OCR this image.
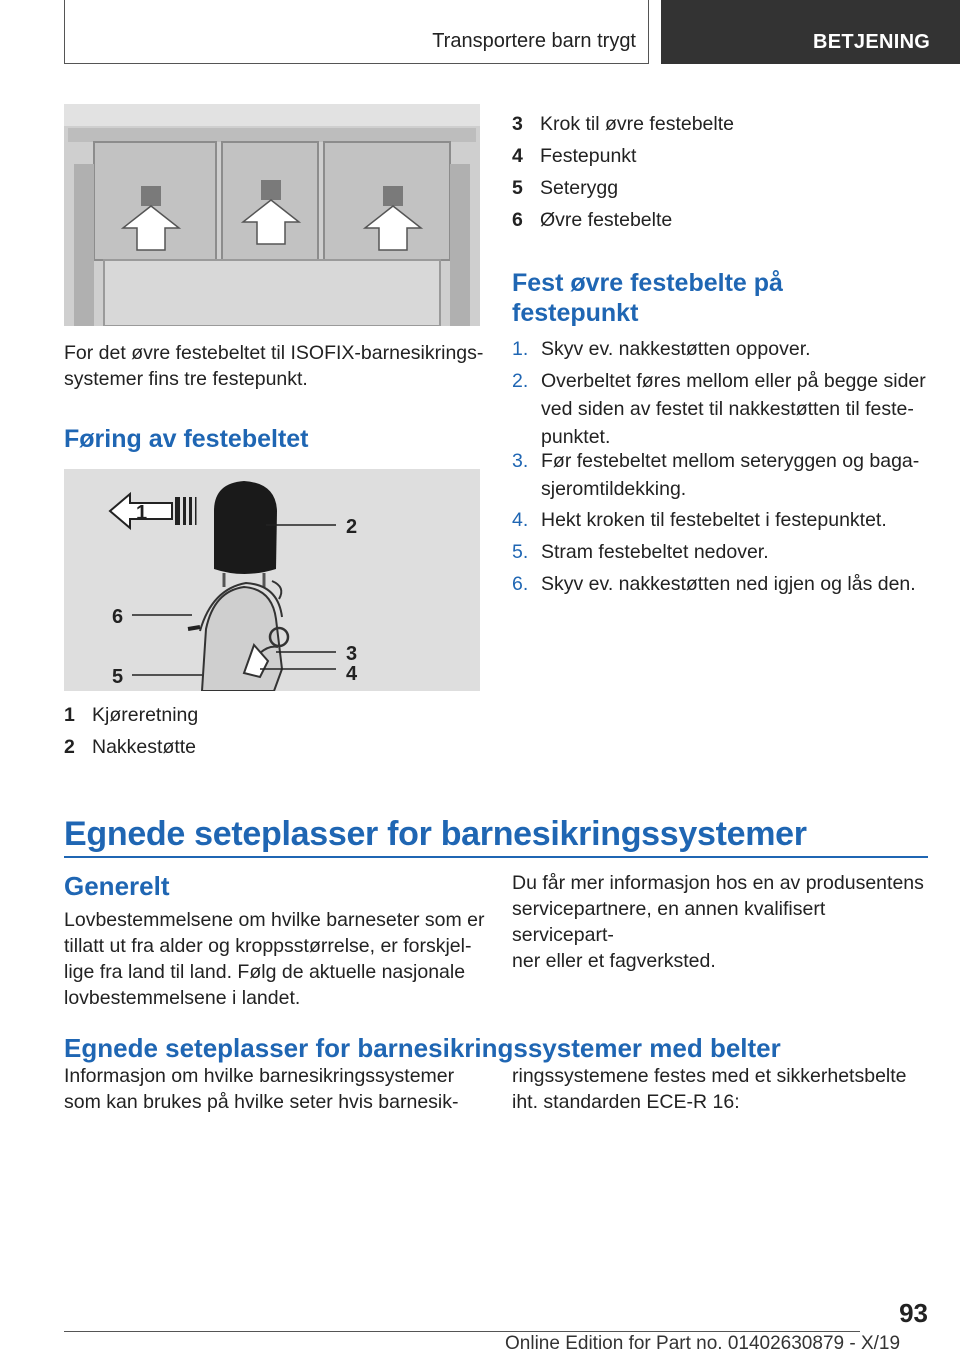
Transportere barn trygt	BETJENING
For det øvre festebeltet til ISOFIX-barnesikrings-
systemer fins tre festepunkt.
Føring av festebeltet
1
2
6
3
5	4
1 Kjøreretning
2 Nakkestøtte
3 Krok til øvre festebelte
4 Festepunkt
5 Seterygg
6 Øvre festebelte
Fest øvre festebelte på
festepunkt
1. Skyv ev. nakkestøtten oppover.
2. Overbeltet føres mellom eller på begge sider
ved siden av festet til nakkestøtten til feste-
punktet.
3. Før festebeltet mellom seteryggen og baga-
sjeromtildekking.
4. Hekt kroken til festebeltet i festepunktet.
5. Stram festebeltet nedover.
6. Skyv ev. nakkestøtten ned igjen og lås den.
Egnede seteplasser for barnesikringssystemer
Generelt
Lovbestemmelsene om hvilke barneseter som er
tillatt ut fra alder og kroppsstørrelse, er forskjel-
lige fra land til land. Følg de aktuelle nasjonale
lovbestemmelsene i landet.
Du får mer informasjon hos en av produsentens
servicepartnere, en annen kvalifisert servicepart-
ner eller et fagverksted.
Egnede seteplasser for barnesikringssystemer med belter
Informasjon om hvilke barnesikringssystemer
som kan brukes på hvilke seter hvis barnesik-
ringssystemene festes med et sikkerhetsbelte
iht. standarden ECE-R 16:
93
Online Edition for Part no. 01402630879 - X/19
